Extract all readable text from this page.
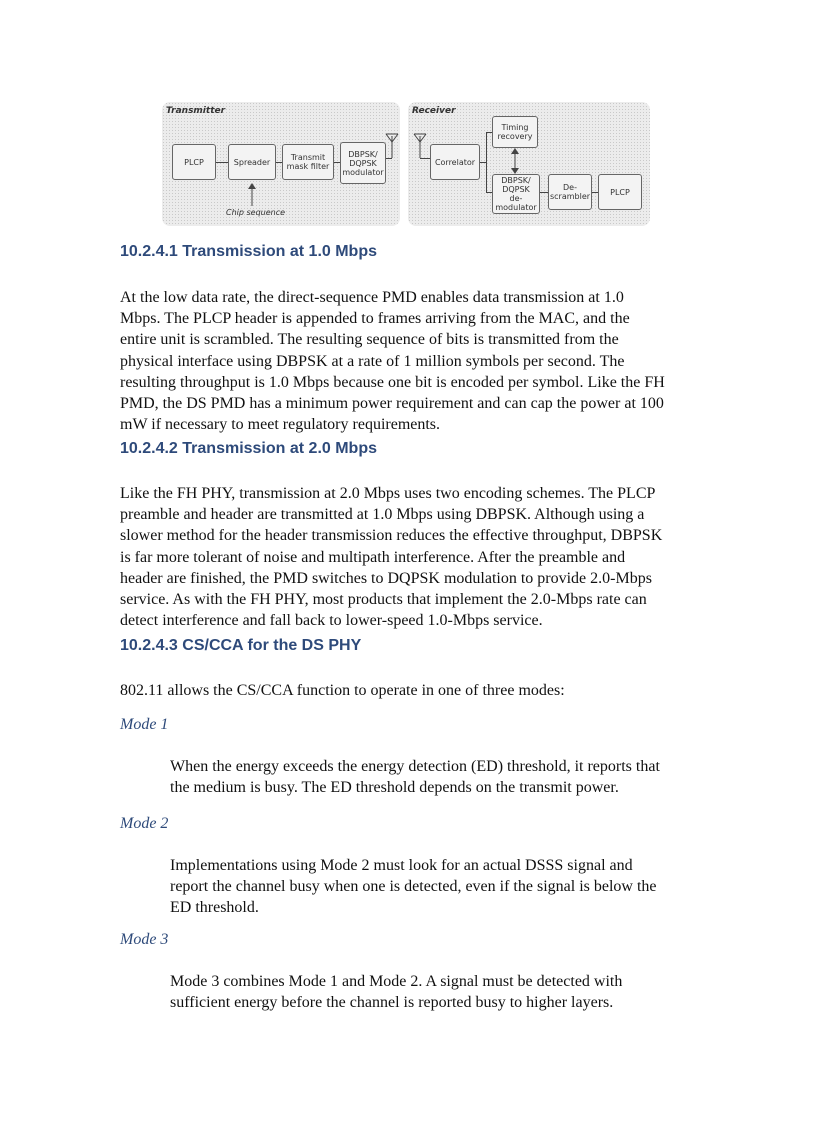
Transmitter
PLCP	Spreader	Transmit mask filter
DBPSK/ DQPSK modulator
Chip sequence
Receiver
Correlator
Timing recovery
DBPSK/ DQPSK de-modulator
De-scrambler	PLCP
10.2.4.1 Transmission at 1.0 Mbps

At the low data rate, the direct-sequence PMD enables data transmission at 1.0 Mbps. The PLCP header is appended to frames arriving from the MAC, and the entire unit is scrambled. The resulting sequence of bits is transmitted from the physical interface using DBPSK at a rate of 1 million symbols per second. The resulting throughput is 1.0 Mbps because one bit is encoded per symbol. Like the FH PMD, the DS PMD has a minimum power requirement and can cap the power at 100 mW if necessary to meet regulatory requirements.

10.2.4.2 Transmission at 2.0 Mbps

Like the FH PHY, transmission at 2.0 Mbps uses two encoding schemes. The PLCP preamble and header are transmitted at 1.0 Mbps using DBPSK. Although using a slower method for the header transmission reduces the effective throughput, DBPSK is far more tolerant of noise and multipath interference. After the preamble and header are finished, the PMD switches to DQPSK modulation to provide 2.0-Mbps service. As with the FH PHY, most products that implement the 2.0-Mbps rate can detect interference and fall back to lower-speed 1.0-Mbps service.

10.2.4.3 CS/CCA for the DS PHY

802.11 allows the CS/CCA function to operate in one of three modes:

Mode 1

When the energy exceeds the energy detection (ED) threshold, it reports that the medium is busy. The ED threshold depends on the transmit power.

Mode 2

Implementations using Mode 2 must look for an actual DSSS signal and report the channel busy when one is detected, even if the signal is below the ED threshold.

Mode 3

Mode 3 combines Mode 1 and Mode 2. A signal must be detected with sufficient energy before the channel is reported busy to higher layers.
